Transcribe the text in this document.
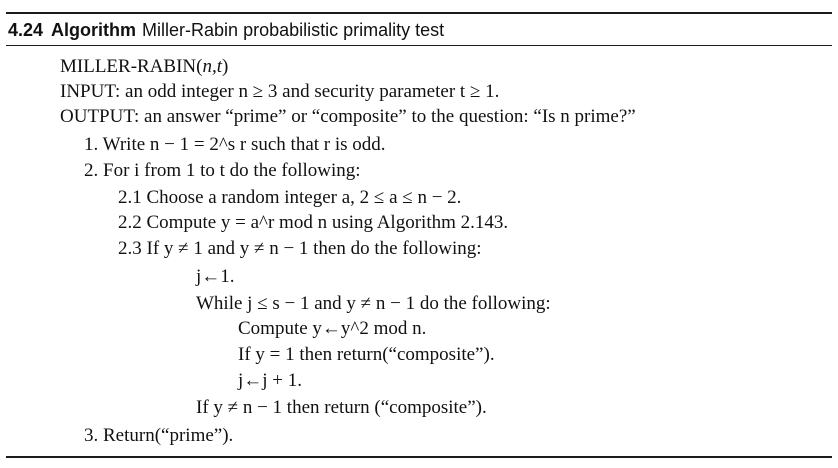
4.24 Algorithm Miller-Rabin probabilistic primality test
MILLER-RABIN(n,t)
INPUT: an odd integer n ≥ 3 and security parameter t ≥ 1.
OUTPUT: an answer “prime” or “composite” to the question: “Is n prime?”
1. Write n − 1 = 2^s r such that r is odd.
2. For i from 1 to t do the following:
2.1 Choose a random integer a, 2 ≤ a ≤ n − 2.
2.2 Compute y = a^r mod n using Algorithm 2.143.
2.3 If y ≠ 1 and y ≠ n − 1 then do the following:
j←1.
While j ≤ s − 1 and y ≠ n − 1 do the following:
Compute y←y^2 mod n.
If y = 1 then return(“composite”).
j←j + 1.
If y ≠ n − 1 then return (“composite”).
3. Return(“prime”).
